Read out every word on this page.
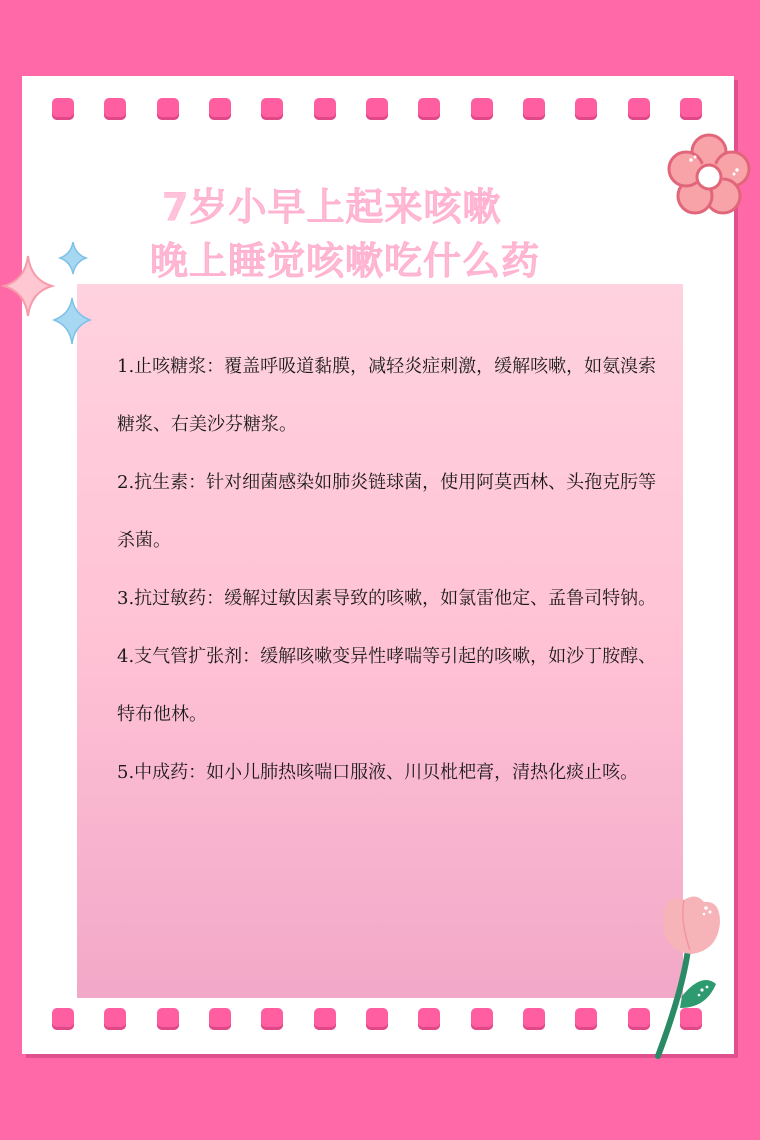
7岁小早上起来咳嗽
晚上睡觉咳嗽吃什么药

1.止咳糖浆：覆盖呼吸道黏膜，减轻炎症刺激，缓解咳嗽，如氨溴索糖浆、右美沙芬糖浆。

2.抗生素：针对细菌感染如肺炎链球菌，使用阿莫西林、头孢克肟等杀菌。

3.抗过敏药：缓解过敏因素导致的咳嗽，如氯雷他定、孟鲁司特钠。

4.支气管扩张剂：缓解咳嗽变异性哮喘等引起的咳嗽，如沙丁胺醇、特布他林。

5.中成药：如小儿肺热咳喘口服液、川贝枇杷膏，清热化痰止咳。
